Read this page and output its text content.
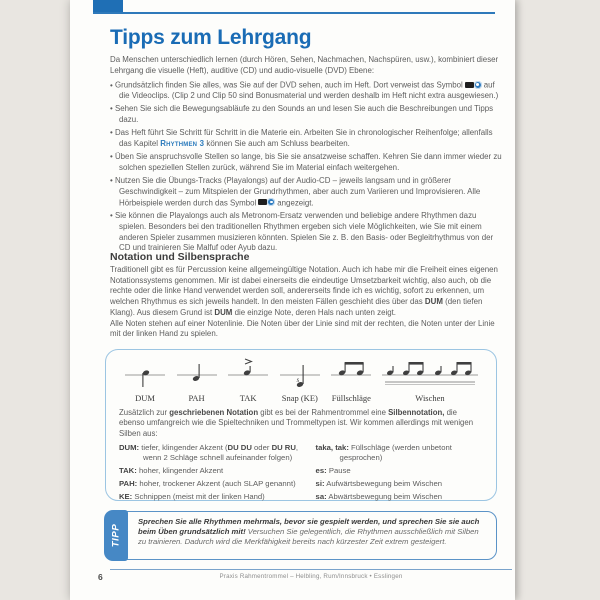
Tipps zum Lehrgang
Da Menschen unterschiedlich lernen (durch Hören, Sehen, Nachmachen, Nachspüren, usw.), kombiniert dieser Lehrgang die visuelle (Heft), auditive (CD) und audio-visuelle (DVD) Ebene:
• Grundsätzlich finden Sie alles, was Sie auf der DVD sehen, auch im Heft. Dort verweist das Symbol	auf die Videoclips. (Clip 2 und Clip 50 sind Bonusmaterial und werden deshalb im Heft nicht extra ausgewiesen.)
• Sehen Sie sich die Bewegungsabläufe zu den Sounds an und lesen Sie auch die Beschreibungen und Tipps dazu.
• Das Heft führt Sie Schritt für Schritt in die Materie ein. Arbeiten Sie in chronologischer Reihenfolge; allenfalls das Kapitel Rhythmen 3 können Sie auch am Schluss bearbeiten.
• Üben Sie anspruchsvolle Stellen so lange, bis Sie sie ansatzweise schaffen. Kehren Sie dann immer wieder zu solchen speziellen Stellen zurück, während Sie im Material einfach weitergehen.
• Nutzen Sie die Übungs-Tracks (Playalongs) auf der Audio-CD – jeweils langsam und in größerer Geschwindigkeit – zum Mitspielen der Grundrhythmen, aber auch zum Variieren und Improvisieren. Alle Hörbeispiele werden durch das Symbol	angezeigt.
• Sie können die Playalongs auch als Metronom-Ersatz verwenden und beliebige andere Rhythmen dazu spielen. Besonders bei den traditionellen Rhythmen ergeben sich viele Möglichkeiten, wie Sie mit einem anderen Spieler zusammen musizieren könnten. Spielen Sie z. B. den Basis- oder Begleitrhythmus von der CD und trainieren Sie Malfuf oder Ayub dazu.
Notation und Silbensprache

Traditionell gibt es für Percussion keine allgemeingültige Notation. Auch ich habe mir die Freiheit eines eigenen Notationssystems genommen. Mir ist dabei einerseits die eindeutige Umsetzbarkeit wichtig, also auch, ob die rechte oder die linke Hand verwendet werden soll, andererseits finde ich es wichtig, sofort zu erkennen, um welchen Rhythmus es sich jeweils handelt. In den meisten Fällen geschieht dies über das DUM (den tiefen Klang). Aus diesem Grund ist DUM die einzige Note, deren Hals nach unten zeigt.

Alle Noten stehen auf einer Notenlinie. Die Noten über der Linie sind mit der rechten, die Noten unter der Linie mit der linken Hand zu spielen.

DUM	PAH	TAK
s
Snap (KE) Füllschläge	Wischen
Zusätzlich zur geschriebenen Notation gibt es bei der Rahmentrommel eine Silbennotation, die ebenso umfangreich wie die Spieltechniken und Trommeltypen ist. Wir kommen allerdings mit wenigen Silben aus:
DUM: tiefer, klingender Akzent (DU DU oder DU RU, wenn 2 Schläge schnell aufeinander folgen)
TAK: hoher, klingender Akzent
PAH: hoher, trockener Akzent (auch SLAP genannt)
KE: Schnippen (meist mit der linken Hand)
taka, tak: Füllschläge (werden unbetont gesprochen)
es: Pause
si: Aufwärtsbewegung beim Wischen
sa: Abwärtsbewegung beim Wischen
TIPP
Sprechen Sie alle Rhythmen mehrmals, bevor sie gespielt werden, und sprechen Sie sie auch beim Üben grundsätzlich mit! Versuchen Sie gelegentlich, die Rhythmen ausschließlich mit Silben zu trainieren. Dadurch wird die Merkfähigkeit bereits nach kürzester Zeit extrem gesteigert.
6	Praxis Rahmentrommel – Helbling, Rum/Innsbruck • Esslingen
